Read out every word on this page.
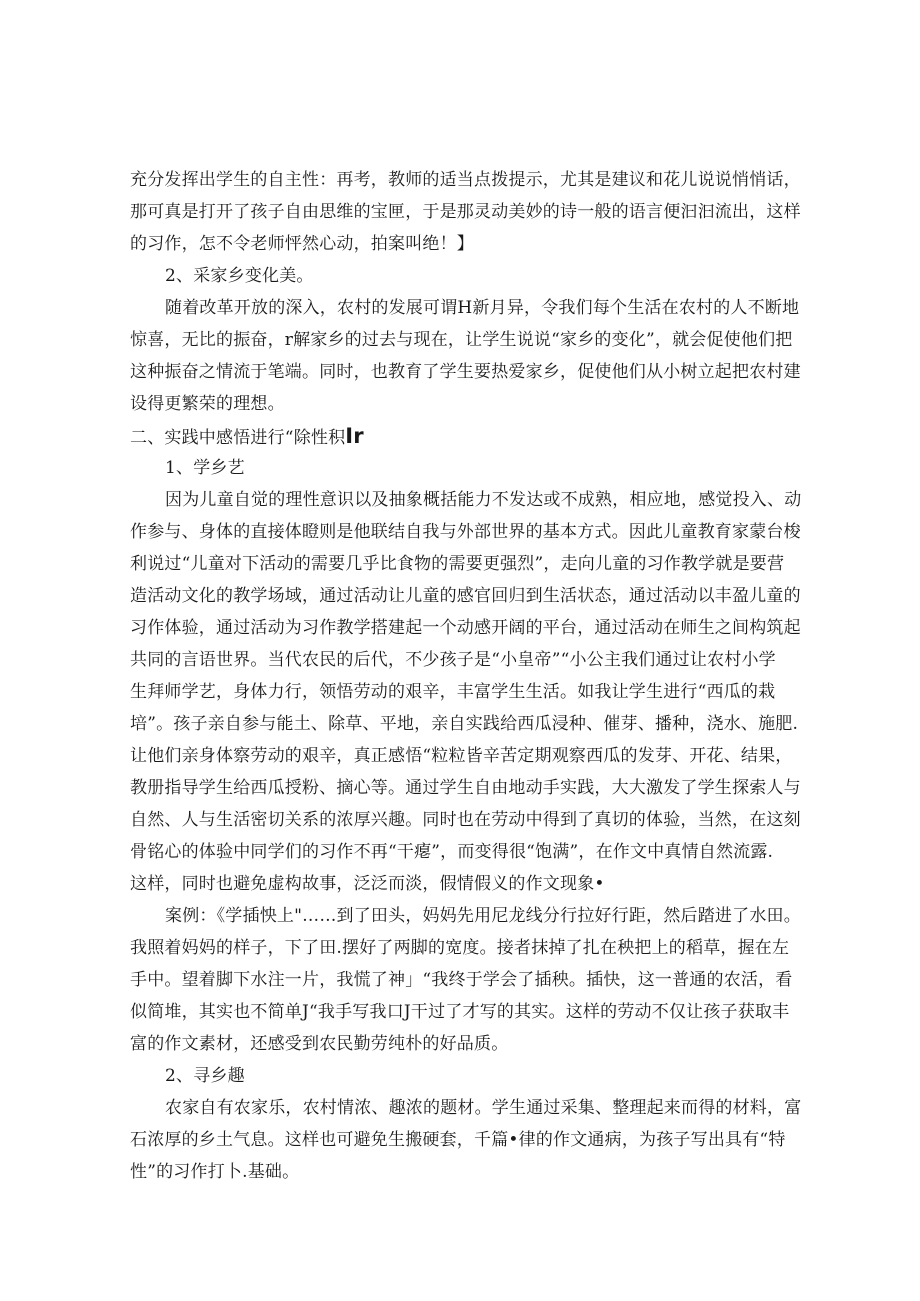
充分发挥出学生的自主性：再考，教师的适当点拨提示，尤其是建议和花儿说说悄悄话，
那可真是打开了孩子自由思维的宝匣，于是那灵动美妙的诗一般的语言便汩汩流出，这样
的习作，怎不令老师怦然心动，拍案叫绝！】
2、采家乡变化美。
随着改革开放的深入，农村的发展可谓H新月异，令我们每个生活在农村的人不断地
惊喜，无比的振奋，r解家乡的过去与现在，让学生说说“家乡的变化”，就会促使他们把
这种振奋之情流于笔端。同时，也教育了学生要热爱家乡，促使他们从小树立起把农村建
设得更繁荣的理想。
二、实践中感悟进行“除性积Ir
1、学乡艺
因为儿童自觉的理性意识以及抽象概括能力不发达或不成熟，相应地，感觉投入、动
作参与、身体的直接体瞪则是他联结自我与外部世界的基本方式。因此儿童教育家蒙台梭
利说过“儿童对下活动的需要几乎比食物的需要更强烈”，走向儿童的习作教学就是要营
造活动文化的教学场域，通过活动让儿童的感官回归到生活状态，通过活动以丰盈儿童的
习作体验，通过活动为习作教学搭建起一个动感开阔的平台，通过活动在师生之间构筑起
共同的言语世界。当代农民的后代，不少孩子是“小皇帝”“小公主我们通过让农村小学
生拜师学艺，身体力行，领悟劳动的艰辛，丰富学生生活。如我让学生进行“西瓜的栽
培”。孩子亲自参与能土、除草、平地，亲自实践给西瓜浸种、催芽、播种，浇水、施肥.
让他们亲身体察劳动的艰辛，真正感悟“粒粒皆辛苦定期观察西瓜的发芽、开花、结果，
教册指导学生给西瓜授粉、摘心等。通过学生自由地动手实践，大大激发了学生探索人与
自然、人与生活密切关系的浓厚兴趣。同时也在劳动中得到了真切的体验，当然，在这刻
骨铭心的体验中同学们的习作不再“干瘪”，而变得很“饱满”，在作文中真情自然流露.
这样，同时也避免虚构故事，泛泛而淡，假情假义的作文现象•
案例：《学插怏上"……到了田头，妈妈先用尼龙线分行拉好行距，然后踏进了水田。
我照着妈妈的样子，下了田.摆好了两脚的宽度。接者抹掉了扎在秧把上的稻草，握在左
手中。望着脚下水注一片，我慌了神」“我终于学会了插秧。插快，这一普通的农活，看
似简堆，其实也不简单J“我手写我口J干过了才写的其实。这样的劳动不仅让孩子获取丰
富的作文素材，还感受到农民勤劳纯朴的好品质。
2、寻乡趣
农家自有农家乐，农村情浓、趣浓的题材。学生通过采集、整理起来而得的材料，富
石浓厚的乡土气息。这样也可避免生搬硬套，千篇•律的作文通病，为孩子写出具有“特
性”的习作打卜.基础。
